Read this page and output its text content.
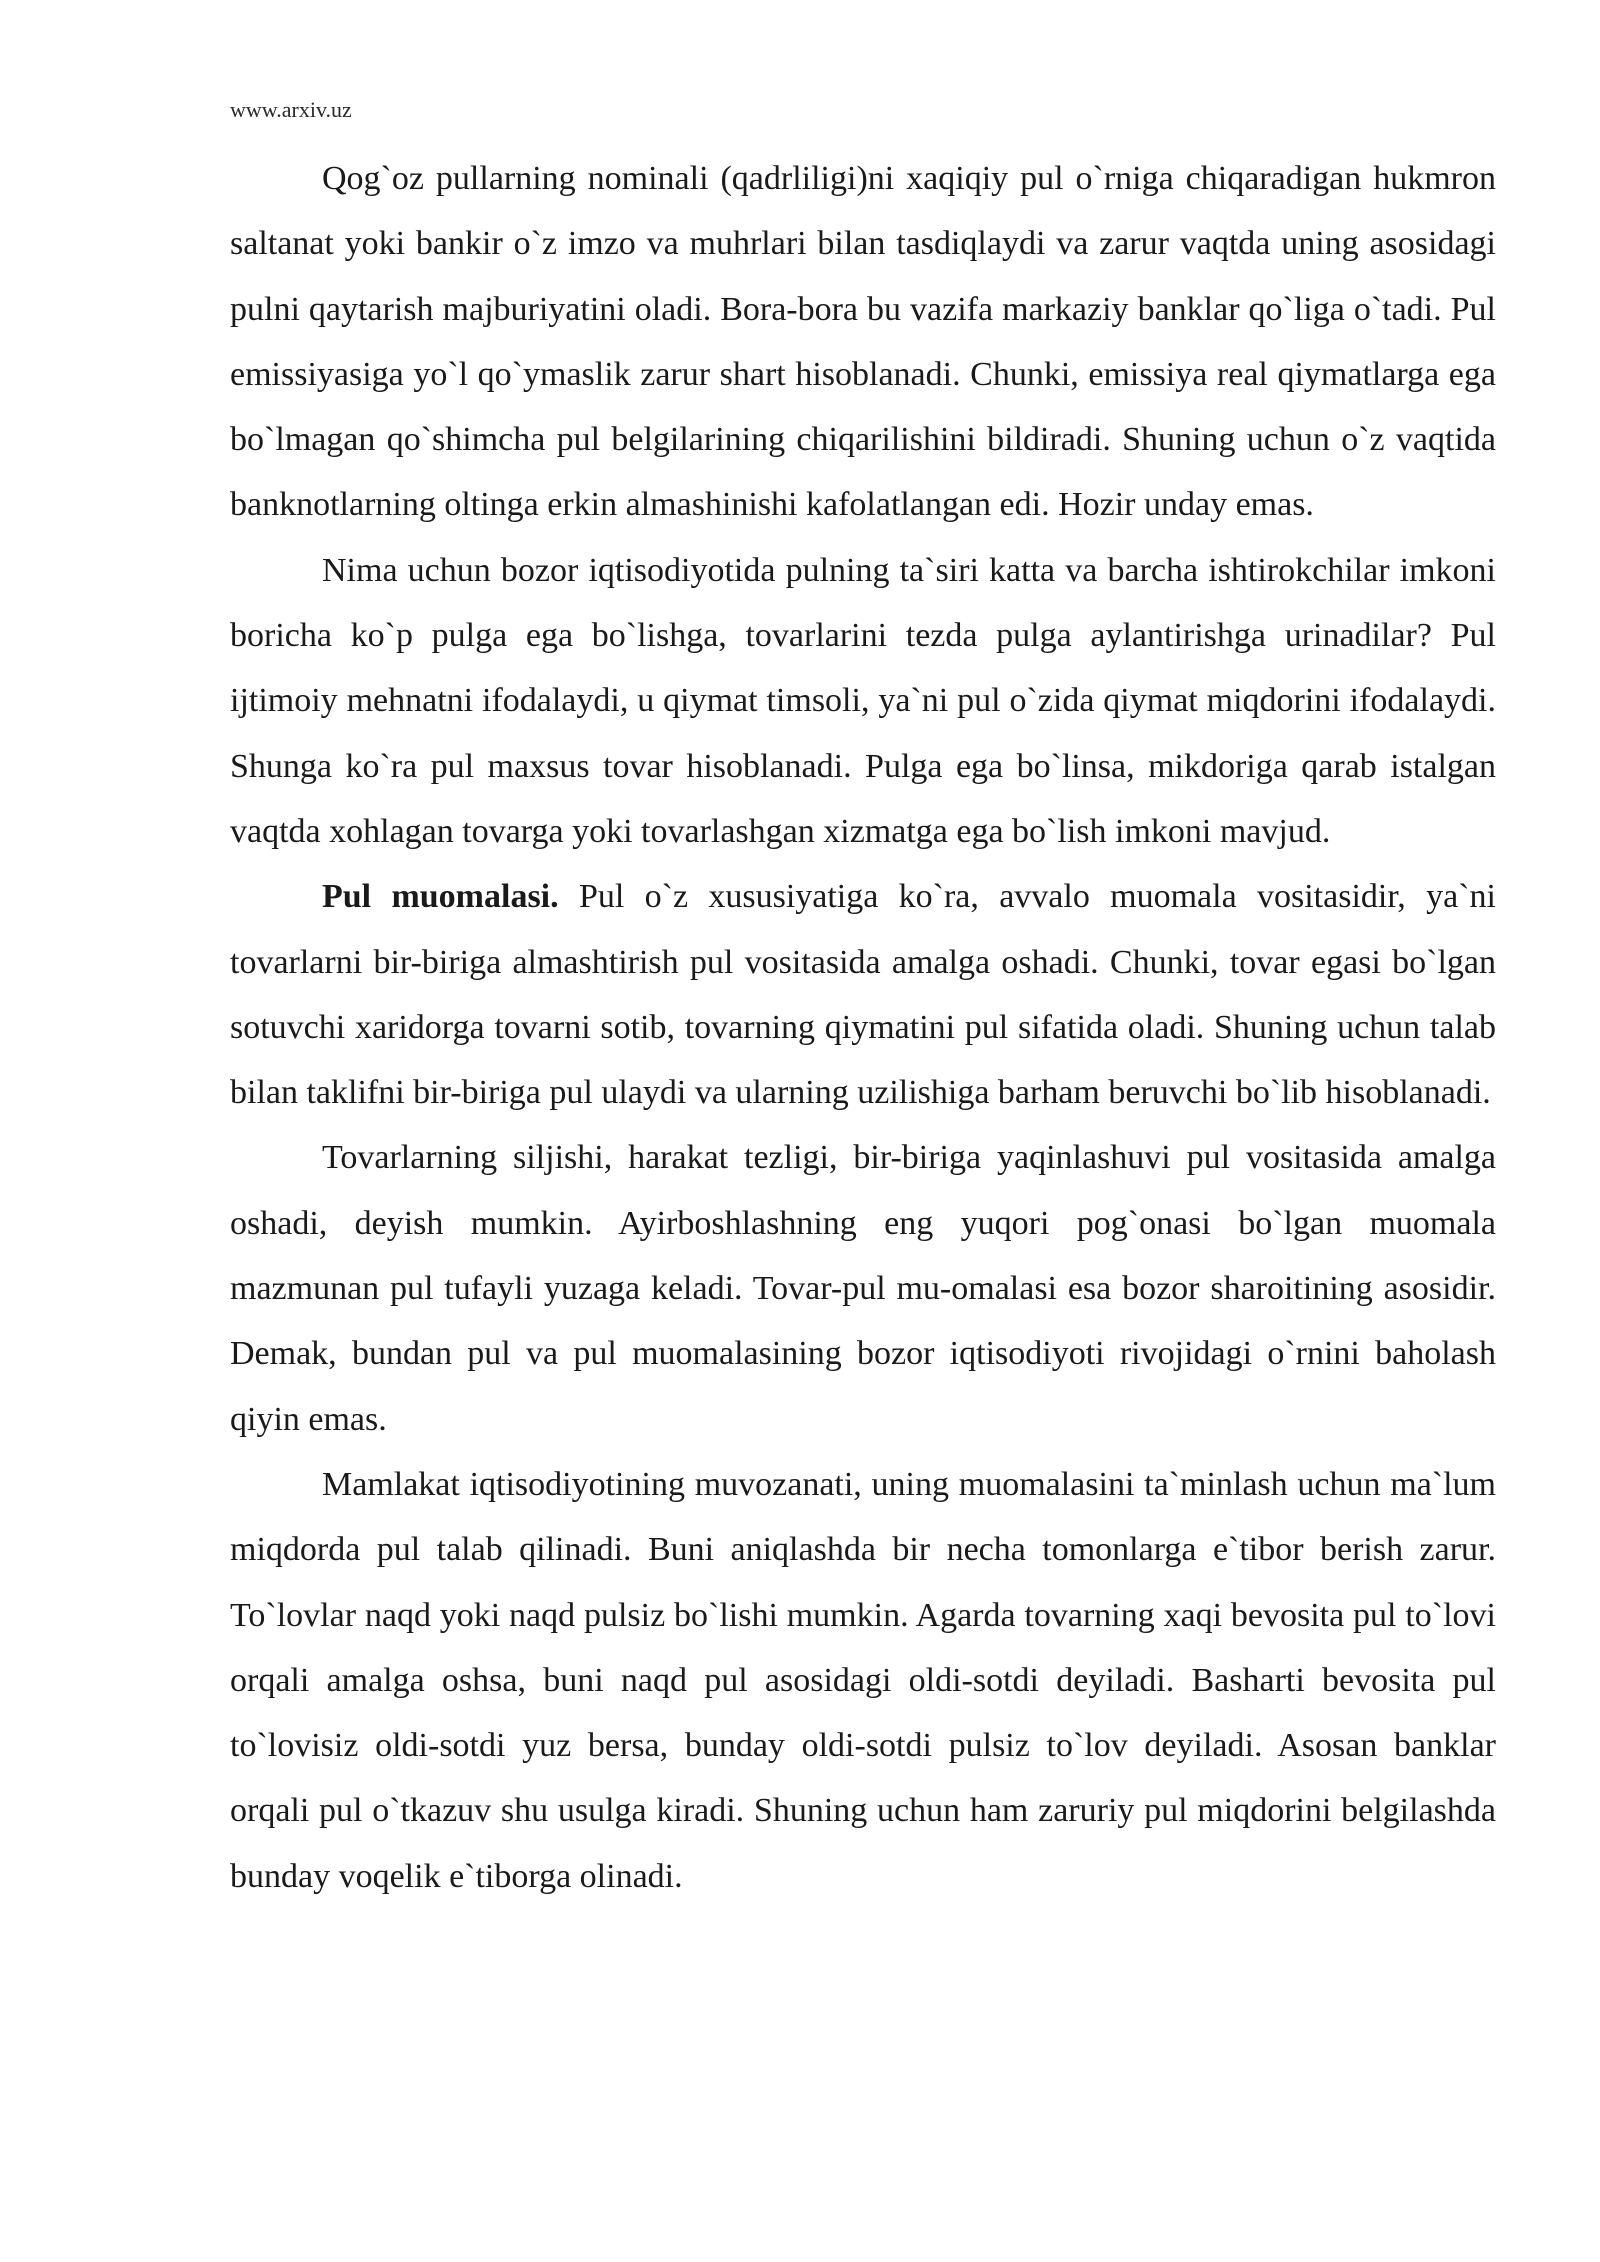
www.arxiv.uz

Qog`oz pullarning nominali (qadrliligi)ni xaqiqiy pul o`rniga chiqaradigan hukmron saltanat yoki bankir o`z imzo va muhrlari bilan tasdiqlaydi va zarur vaqtda uning asosidagi pulni qaytarish majburiyatini oladi. Bora-bora bu vazifa markaziy banklar qo`liga o`tadi. Pul emissiyasiga yo`l qo`ymaslik zarur shart hisoblanadi. Chunki, emissiya real qiymatlarga ega bo`lmagan qo`shimcha pul belgilarining chiqarilishini bildiradi. Shuning uchun o`z vaqtida banknotlarning oltinga erkin almashinishi kafolatlangan edi. Hozir unday emas.

Nima uchun bozor iqtisodiyotida pulning ta`siri katta va barcha ishtirokchilar imkoni boricha ko`p pulga ega bo`lishga, tovarlarini tezda pulga aylantirishga urinadilar? Pul ijtimoiy mehnatni ifodalaydi, u qiymat timsoli, ya`ni pul o`zida qiymat miqdorini ifodalaydi. Shunga ko`ra pul maxsus tovar hisoblanadi. Pulga ega bo`linsa, mikdoriga qarab istalgan vaqtda xohlagan tovarga yoki tovarlashgan xizmatga ega bo`lish imkoni mavjud.

Pul muomalasi. Pul o`z xususiyatiga ko`ra, avvalo muomala vositasidir, ya`ni tovarlarni bir-biriga almashtirish pul vositasida amalga oshadi. Chunki, tovar egasi bo`lgan sotuvchi xaridorga tovarni sotib, tovarning qiymatini pul sifatida oladi. Shuning uchun talab bilan taklifni bir-biriga pul ulaydi va ularning uzilishiga barham beruvchi bo`lib hisoblanadi.

Tovarlarning siljishi, harakat tezligi, bir-biriga yaqinlashuvi pul vositasida amalga oshadi, deyish mumkin. Ayirboshlashning eng yuqori pog`onasi bo`lgan muomala mazmunan pul tufayli yuzaga keladi. Tovar-pul mu-omalasi esa bozor sharoitining asosidir. Demak, bundan pul va pul muomalasining bozor iqtisodiyoti rivojidagi o`rnini baholash qiyin emas.

Mamlakat iqtisodiyotining muvozanati, uning muomalasini ta`minlash uchun ma`lum miqdorda pul talab qilinadi. Buni aniqlashda bir necha tomonlarga e`tibor berish zarur. To`lovlar naqd yoki naqd pulsiz bo`lishi mumkin. Agarda tovarning xaqi bevosita pul to`lovi orqali amalga oshsa, buni naqd pul asosidagi oldi-sotdi deyiladi. Basharti bevosita pul to`lovisiz oldi-sotdi yuz bersa, bunday oldi-sotdi pulsiz to`lov deyiladi. Asosan banklar orqali pul o`tkazuv shu usulga kiradi. Shuning uchun ham zaruriy pul miqdorini belgilashda bunday voqelik e`tiborga olinadi.
